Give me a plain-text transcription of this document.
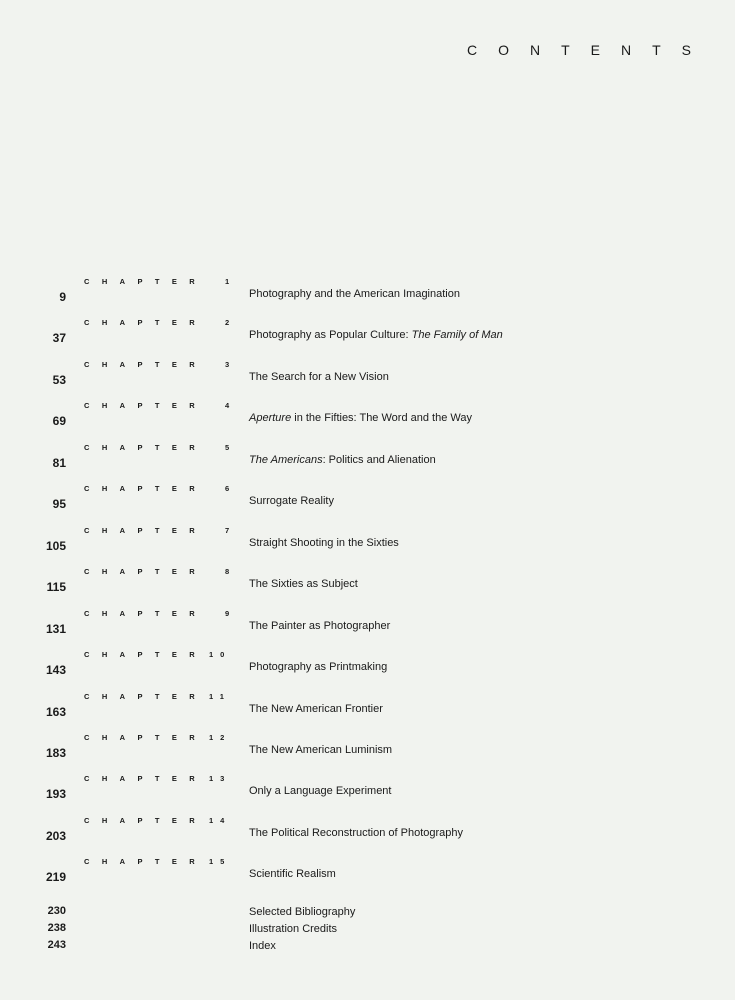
CONTENTS
CHAPTER 1
9	Photography and the American Imagination
CHAPTER 2
37	Photography as Popular Culture: The Family of Man
CHAPTER 3
53	The Search for a New Vision
CHAPTER 4
69	Aperture in the Fifties: The Word and the Way
CHAPTER 5
81	The Americans: Politics and Alienation
CHAPTER 6
95	Surrogate Reality
CHAPTER 7
105	Straight Shooting in the Sixties
CHAPTER 8
115	The Sixties as Subject
CHAPTER 9
131	The Painter as Photographer
CHAPTER 10
143	Photography as Printmaking
CHAPTER 11
163	The New American Frontier
CHAPTER 12
183	The New American Luminism
CHAPTER 13
193	Only a Language Experiment
CHAPTER 14
203	The Political Reconstruction of Photography
CHAPTER 15
219	Scientific Realism
230	Selected Bibliography
238	Illustration Credits
243	Index
